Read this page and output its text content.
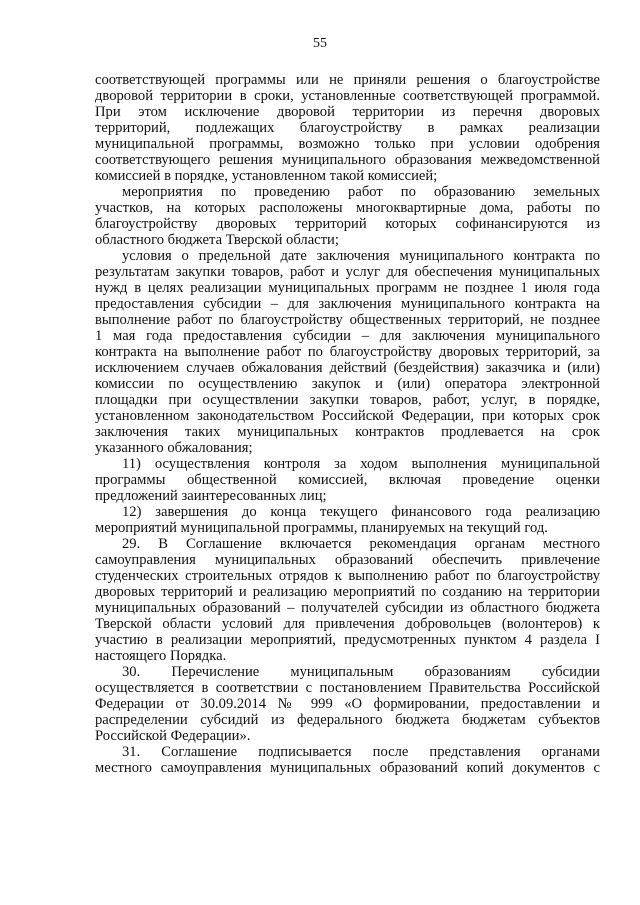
55
соответствующей программы или не приняли решения о благоустройстве
дворовой территории в сроки, установленные соответствующей программой.
При этом исключение дворовой территории из перечня дворовых
территорий, подлежащих благоустройству в рамках реализации
муниципальной программы, возможно только при условии одобрения
соответствующего решения муниципального образования межведомственной
комиссией в порядке, установленном такой комиссией;
мероприятия по проведению работ по образованию земельных
участков, на которых расположены многоквартирные дома, работы по
благоустройству дворовых территорий которых софинансируются из
областного бюджета Тверской области;
условия о предельной дате заключения муниципального контракта по
результатам закупки товаров, работ и услуг для обеспечения муниципальных
нужд в целях реализации муниципальных программ не позднее 1 июля года
предоставления субсидии – для заключения муниципального контракта на
выполнение работ по благоустройству общественных территорий, не позднее
1 мая года предоставления субсидии – для заключения муниципального
контракта на выполнение работ по благоустройству дворовых территорий, за
исключением случаев обжалования действий (бездействия) заказчика и (или)
комиссии по осуществлению закупок и (или) оператора электронной
площадки при осуществлении закупки товаров, работ, услуг, в порядке,
установленном законодательством Российской Федерации, при которых срок
заключения таких муниципальных контрактов продлевается на срок
указанного обжалования;
11) осуществления контроля за ходом выполнения муниципальной
программы общественной комиссией, включая проведение оценки
предложений заинтересованных лиц;
12) завершения до конца текущего финансового года реализацию
мероприятий муниципальной программы, планируемых на текущий год.
29. В Соглашение включается рекомендация органам местного
самоуправления муниципальных образований обеспечить привлечение
студенческих строительных отрядов к выполнению работ по благоустройству
дворовых территорий и реализацию мероприятий по созданию на территории
муниципальных образований – получателей субсидии из областного бюджета
Тверской области условий для привлечения добровольцев (волонтеров) к
участию в реализации мероприятий, предусмотренных пунктом 4 раздела I
настоящего Порядка.
30. Перечисление муниципальным образованиям субсидии
осуществляется в соответствии с постановлением Правительства Российской
Федерации от 30.09.2014 № 999 «О формировании, предоставлении и
распределении субсидий из федерального бюджета бюджетам субъектов
Российской Федерации».
31. Соглашение подписывается после представления органами
местного самоуправления муниципальных образований копий документов с
